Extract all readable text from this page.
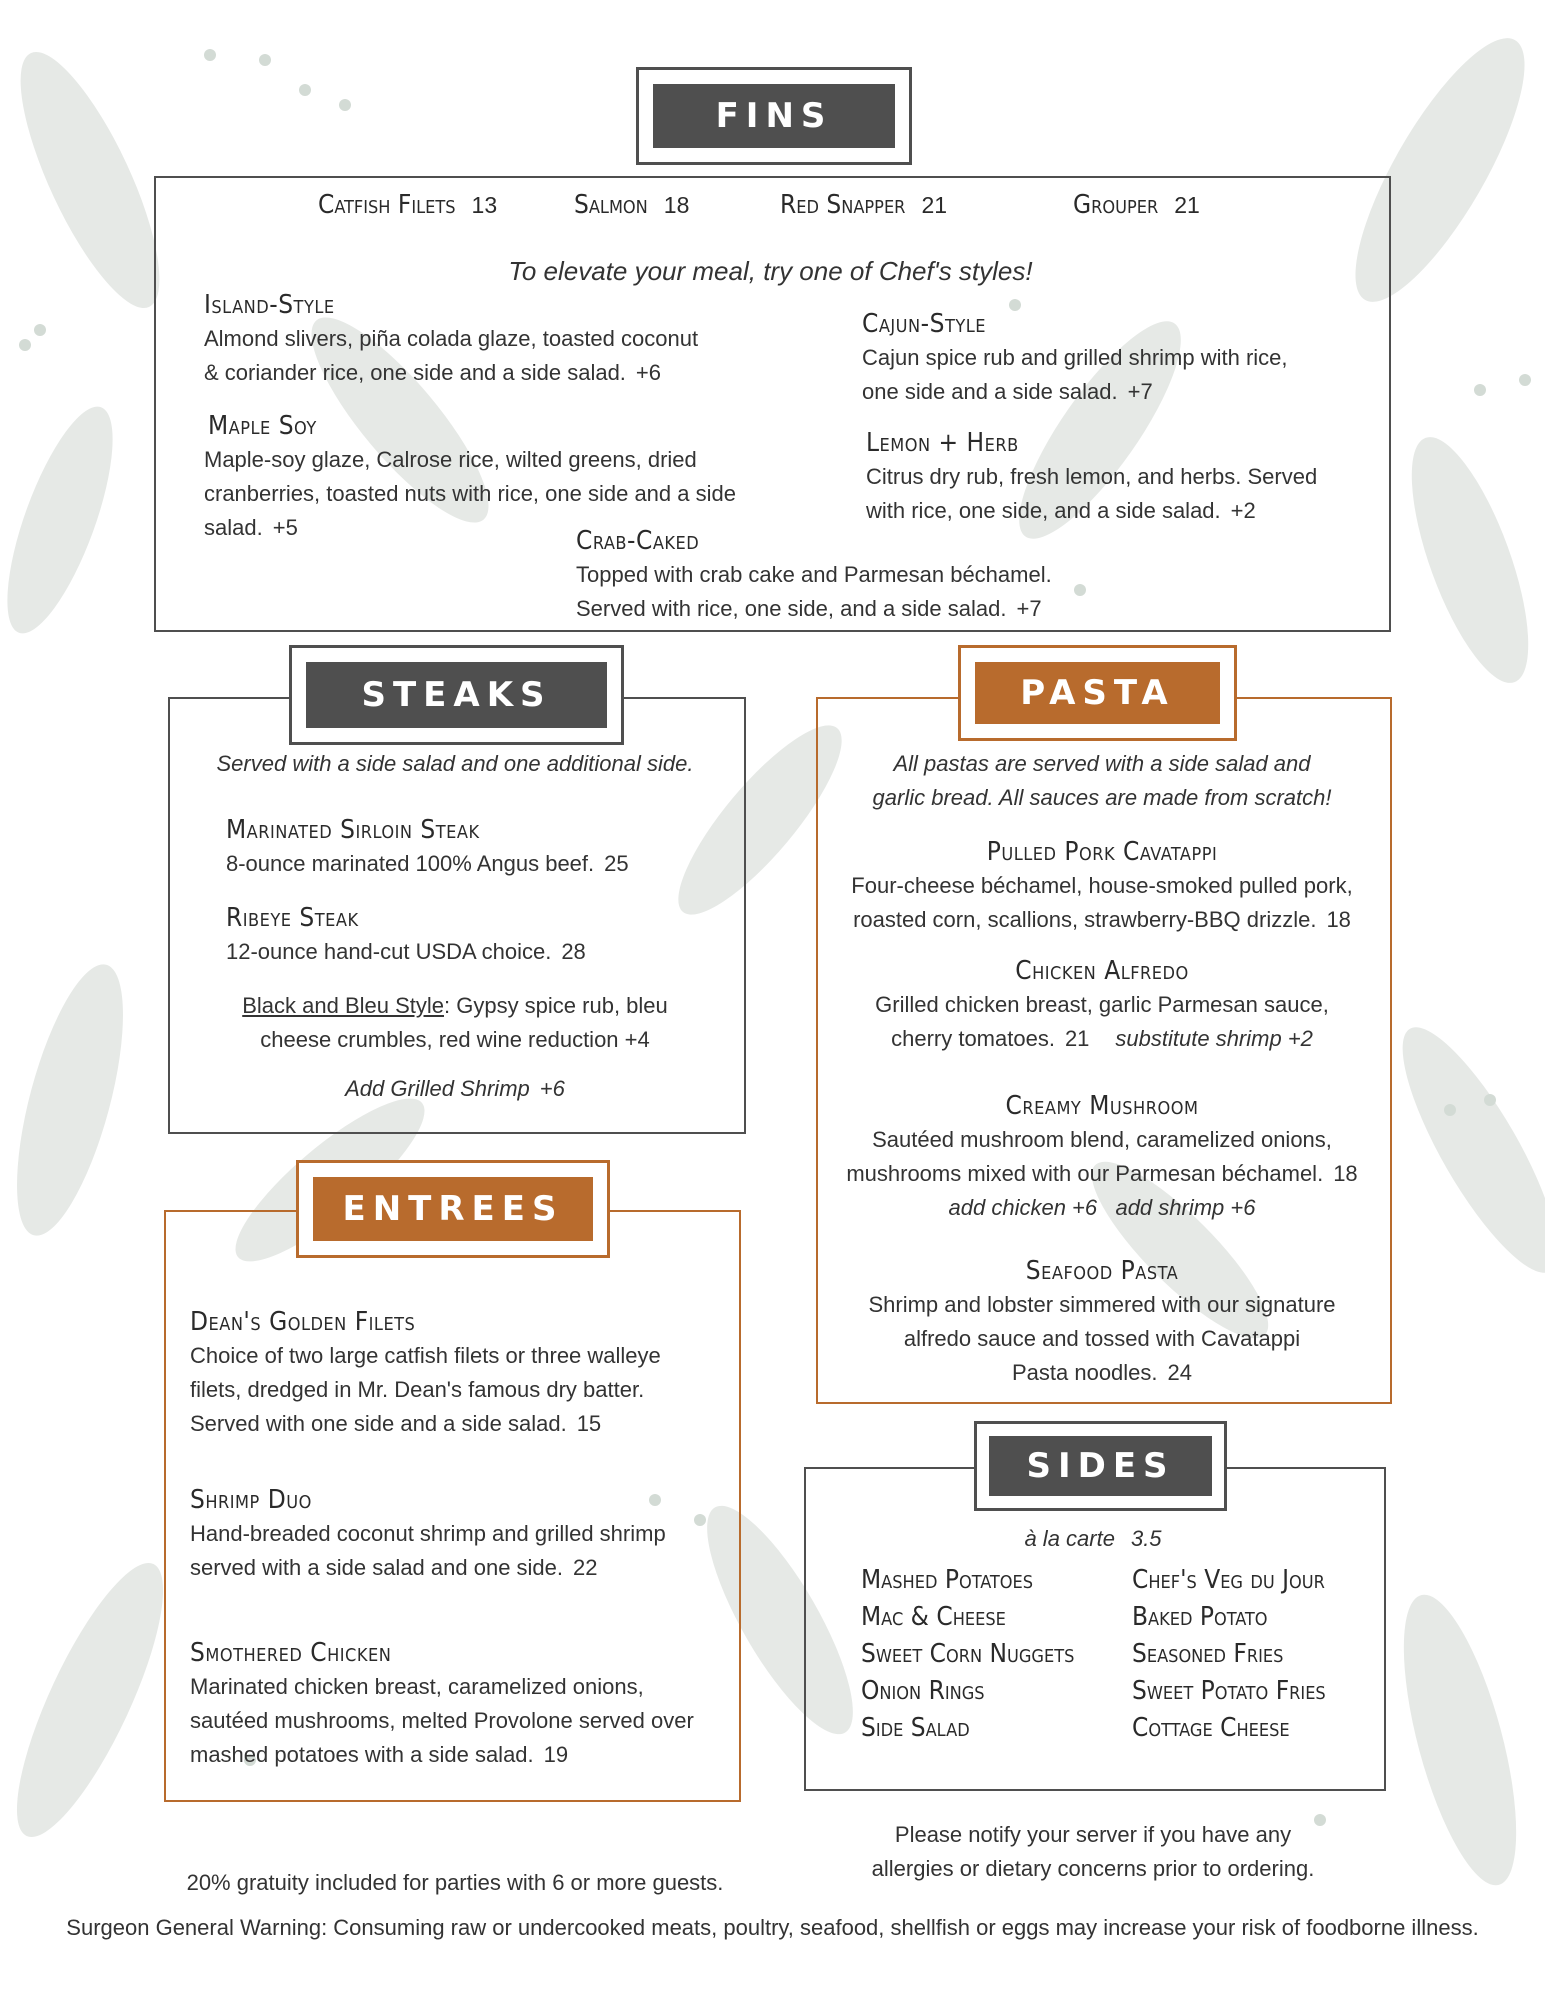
FINS
Catfish Filets 13	Salmon 18	Red Snapper 21	Grouper 21
To elevate your meal, try one of Chef's styles!
Island-Style
Almond slivers, piña colada glaze, toasted coconut
& coriander rice, one side and a side salad. +6
Cajun-Style
Cajun spice rub and grilled shrimp with rice,
one side and a side salad. +7
Maple Soy
Maple-soy glaze, Calrose rice, wilted greens, dried
cranberries, toasted nuts with rice, one side and a side
salad. +5
Lemon + Herb
Citrus dry rub, fresh lemon, and herbs. Served
with rice, one side, and a side salad. +2
Crab-Caked
Topped with crab cake and Parmesan béchamel.
Served with rice, one side, and a side salad. +7
STEAKS
Served with a side salad and one additional side.
Marinated Sirloin Steak
8-ounce marinated 100% Angus beef. 25
Ribeye Steak
12-ounce hand-cut USDA choice. 28
Black and Bleu Style: Gypsy spice rub, bleu
cheese crumbles, red wine reduction +4
Add Grilled Shrimp +6
ENTREES
Dean's Golden Filets
Choice of two large catfish filets or three walleye
filets, dredged in Mr. Dean's famous dry batter.
Served with one side and a side salad. 15
Shrimp Duo
Hand-breaded coconut shrimp and grilled shrimp
served with a side salad and one side. 22
Smothered Chicken
Marinated chicken breast, caramelized onions,
sautéed mushrooms, melted Provolone served over
mashed potatoes with a side salad. 19
PASTA
All pastas are served with a side salad and
garlic bread. All sauces are made from scratch!
Pulled Pork Cavatappi
Four-cheese béchamel, house-smoked pulled pork,
roasted corn, scallions, strawberry-BBQ drizzle. 18
Chicken Alfredo
Grilled chicken breast, garlic Parmesan sauce,
cherry tomatoes. 21 substitute shrimp +2
Creamy Mushroom
Sautéed mushroom blend, caramelized onions,
mushrooms mixed with our Parmesan béchamel. 18
add chicken +6   add shrimp +6
Seafood Pasta
Shrimp and lobster simmered with our signature
alfredo sauce and tossed with Cavatappi
Pasta noodles. 24
SIDES
à la carte 3.5
Mashed Potatoes
Mac & Cheese
Sweet Corn Nuggets
Onion Rings
Side Salad
Chef's Veg du Jour
Baked Potato
Seasoned Fries
Sweet Potato Fries
Cottage Cheese
Please notify your server if you have any
allergies or dietary concerns prior to ordering.
20% gratuity included for parties with 6 or more guests.
Surgeon General Warning: Consuming raw or undercooked meats, poultry, seafood, shellfish or eggs may increase your risk of foodborne illness.
